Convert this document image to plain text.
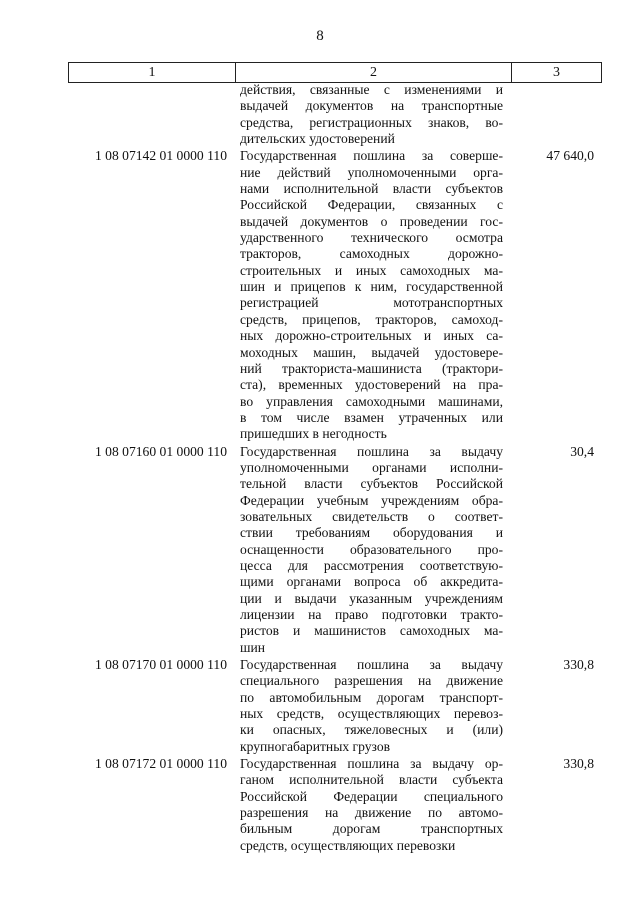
8
1	2	3
действия, связанные с изменениями и
выдачей документов на транспортные
средства, регистрационных знаков, во-
дительских удостоверений
1 08 07142 01 0000 110 Государственная пошлина за соверше-
ние действий уполномоченными орга-
нами исполнительной власти субъектов
Российской Федерации, связанных с
выдачей документов о проведении гос-
ударственного технического осмотра
тракторов, самоходных дорожно-
строительных и иных самоходных ма-
шин и прицепов к ним, государственной
регистрацией мототранспортных
средств, прицепов, тракторов, самоход-
ных дорожно-строительных и иных са-
моходных машин, выдачей удостовере-
ний тракториста-машиниста (трактори-
ста), временных удостоверений на пра-
во управления самоходными машинами,
в том числе взамен утраченных или
пришедших в негодность
47 640,0
1 08 07160 01 0000 110 Государственная пошлина за выдачу
уполномоченными органами исполни-
тельной власти субъектов Российской
Федерации учебным учреждениям обра-
зовательных свидетельств о соответ-
ствии требованиям оборудования и
оснащенности образовательного про-
цесса для рассмотрения соответствую-
щими органами вопроса об аккредита-
ции и выдачи указанным учреждениям
лицензии на право подготовки тракто-
ристов и машинистов самоходных ма-
шин
30,4
1 08 07170 01 0000 110 Государственная пошлина за выдачу
специального разрешения на движение
по автомобильным дорогам транспорт-
ных средств, осуществляющих перевоз-
ки опасных, тяжеловесных и (или)
крупногабаритных грузов
330,8
1 08 07172 01 0000 110 Государственная пошлина за выдачу ор-
ганом исполнительной власти субъекта
Российской Федерации специального
разрешения на движение по автомо-
бильным дорогам транспортных
средств, осуществляющих перевозки
330,8
